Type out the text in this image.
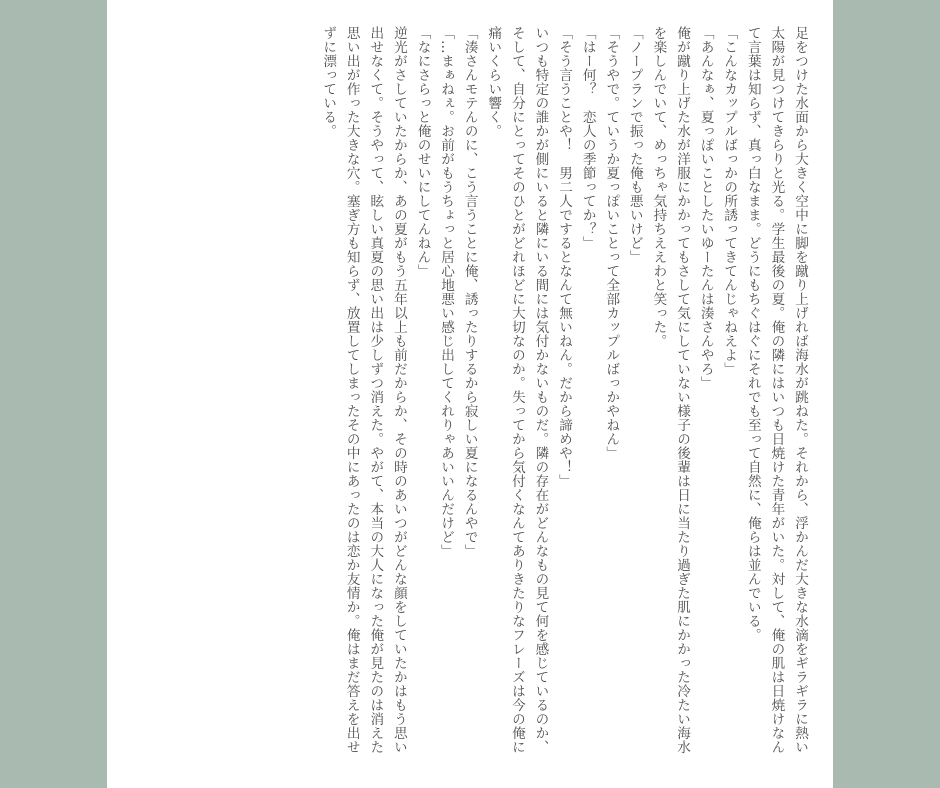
足をつけた水面から大きく空中に脚を蹴り上げれば海水が跳ねた。それから、浮かんだ大きな水滴をギラギラに熱い太陽が見つけてきらりと光る。学生最後の夏。俺の隣にはいつも日焼けた青年がいた。対して、俺の肌は日焼けなんて言葉は知らず、真っ白なまま。どうにもちぐはぐにそれでも至って自然に、俺らは並んでいる。

「こんなカップルばっかの所誘ってきてんじゃねえよ」

「あんなぁ、夏っぽいことしたいゆーたんは湊さんやろ」

俺が蹴り上げた水が洋服にかかってもさして気にしていない様子の後輩は日に当たり過ぎた肌にかかった冷たい海水を楽しんでいて、めっちゃ気持ちええわと笑った。

「ノープランで振った俺も悪いけど」

「そうやで。ていうか夏っぽいことって全部カップルばっかやねん」

「はー何？　恋人の季節ってか？」

「そう言うことや！　男二人でするとなんて無いねん。だから諦めや！」

いつも特定の誰かが側にいると隣にいる間には気付かないものだ。隣の存在がどんなもの見て何を感じているのか、そして、自分にとってそのひとがどれほどに大切なのか。失ってから気付くなんてありきたりなフレーズは今の俺に痛いくらい響く。

「湊さんモテんのに、こう言うことに俺、誘ったりするから寂しい夏になるんやで」

「…まぁねぇ。お前がもうちょっと居心地悪い感じ出してくれりゃあいいんだけど」

「なにさらっと俺のせいにしてんねん」

逆光がさしていたからか、あの夏がもう五年以上も前だからか、その時のあいつがどんな顔をしていたかはもう思い出せなくて。そうやって、眩しい真夏の思い出は少しずつ消えた。やがて、本当の大人になった俺が見たのは消えた思い出が作った大きな穴。塞ぎ方も知らず、放置してしまったその中にあったのは恋か友情か。俺はまだ答えを出せずに漂っている。
